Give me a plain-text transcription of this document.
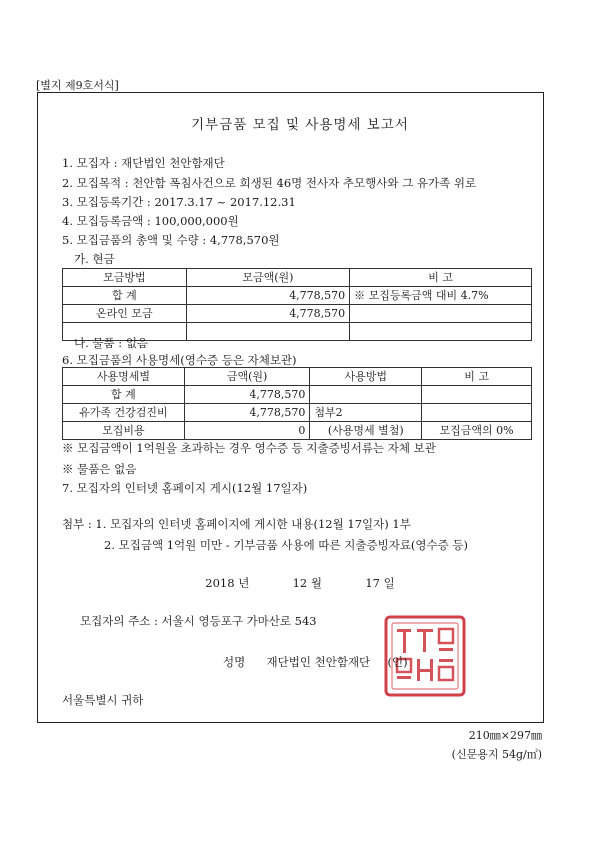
[별지 제9호서식]
기부금품 모집 및 사용명세 보고서
1. 모집자 : 재단법인 천안함재단
2. 모집목적 : 천안함 폭침사건으로 희생된 46명 전사자 추모행사와 그 유가족 위로
3. 모집등록기간 : 2017.3.17 ~ 2017.12.31
4. 모집등록금액 : 100,000,000원
5. 모집금품의 총액 및 수량 : 4,778,570원
가. 현금
모금방법	모금액(원)	비 고
합 계	4,778,570	※ 모집등록금액 대비 4.7%
온라인 모금	4,778,570	

나. 물품 : 없음
6. 모집금품의 사용명세(영수증 등은 자체보관)
사용명세별	금액(원)	사용방법	비 고
합 계	4,778,570		
유가족 건강검진비	4,778,570	첨부2	
모집비용	0	(사용명세 별첨)	모집금액의 0%
※ 모집금액이 1억원을 초과하는 경우 영수증 등 지출증빙서류는 자체 보관
※ 물품은 없음
7. 모집자의 인터넷 홈페이지 게시(12월 17일자)
첨부 : 1. 모집자의 인터넷 홈페이지에 게시한 내용(12월 17일자) 1부
2. 모집금액 1억원 미만 - 기부금품 사용에 따른 지출증빙자료(영수증 등)
2018 년	12 월	17 일
모집자의 주소 : 서울시 영등포구 가마산로 543
성명 재단법인 천안함재단 (인)
서울특별시 귀하
210㎜×297㎜
(신문용지 54g/㎡)
